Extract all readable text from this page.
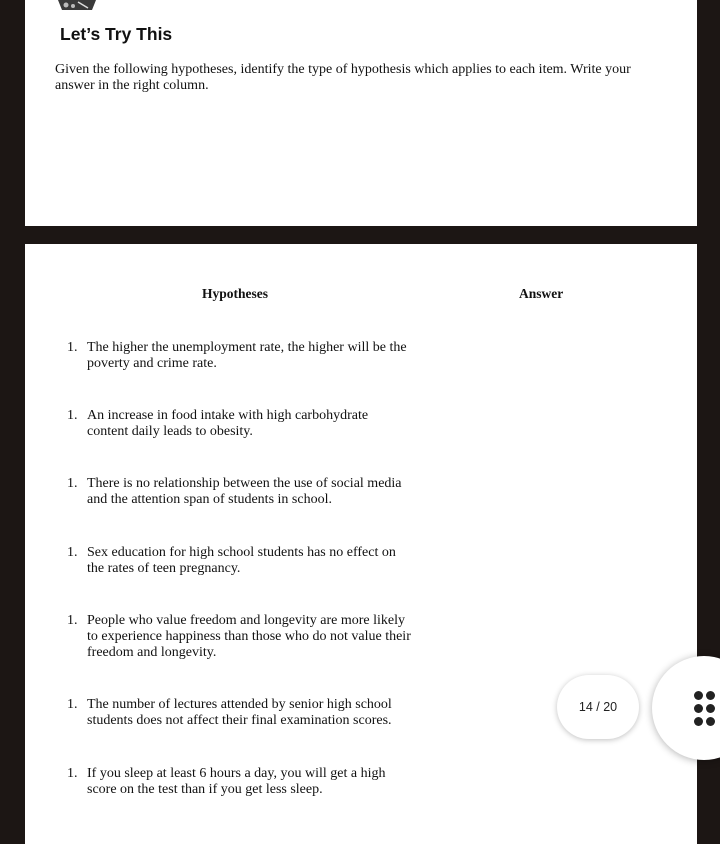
Let’s Try This
Given the following hypotheses, identify the type of hypothesis which applies to each item. Write your answer in the right column.
Hypotheses	Answer
1. The higher the unemployment rate, the higher will be the poverty and crime rate.
1. An increase in food intake with high carbohydrate content daily leads to obesity.
1. There is no relationship between the use of social media and the attention span of students in school.
1. Sex education for high school students has no effect on the rates of teen pregnancy.
1. People who value freedom and longevity are more likely to experience happiness than those who do not value their freedom and longevity.
1. The number of lectures attended by senior high school students does not affect their final examination scores.
1. If you sleep at least 6 hours a day, you will get a high score on the test than if you get less sleep.
14 / 20
